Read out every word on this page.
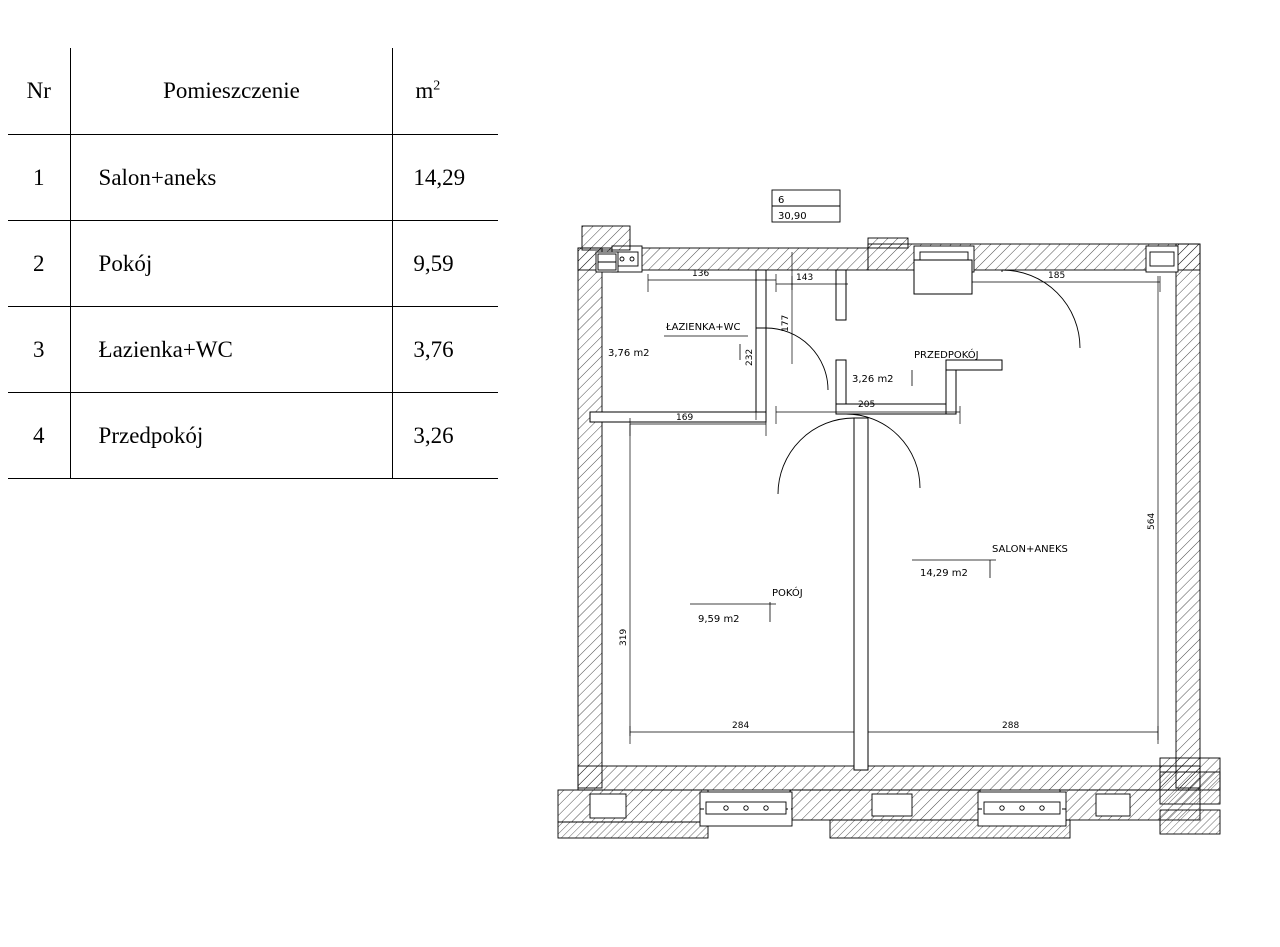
Nr	Pomieszczenie	$m^2$
1	Salon+aneks	14,29
2	Pokój	9,59
3	Łazienka+WC	3,76
4	Przedpokój	3,26
6
30,90
ŁAZIENKA+WC
3,76 m2	PRZEDPOKÓJ
3,26 m2
POKÓJ
9,59 m2
SALON+ANEKS
14,29 m2
136	143	185
177
232
169
205
564
319
284	288
